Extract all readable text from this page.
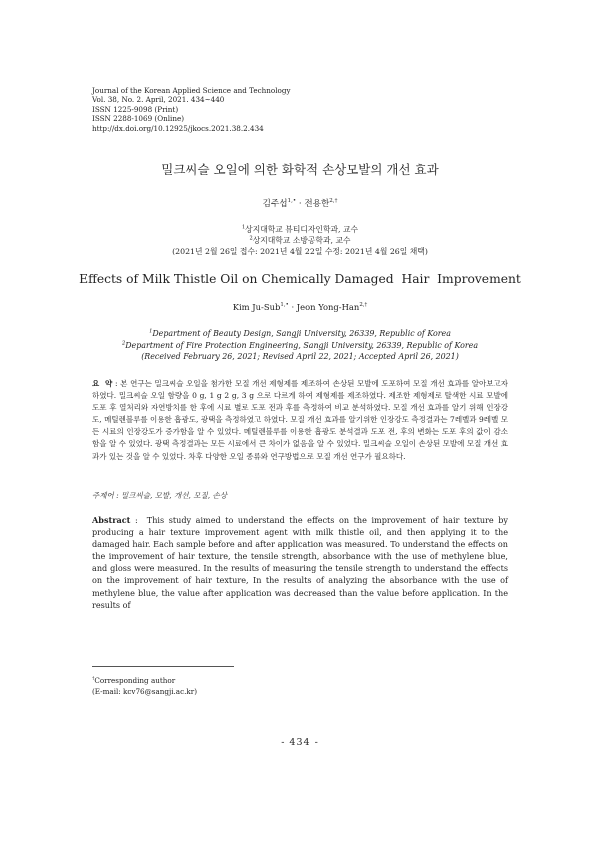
Journal of the Korean Applied Science and Technology
Vol. 38, No. 2. April, 2021. 434~440
ISSN 1225-9098 (Print)
ISSN 2288-1069 (Online)
http://dx.doi.org/10.12925/jkocs.2021.38.2.434
밀크씨슬 오일에 의한 화학적 손상모발의 개선 효과
김주섭$^{1,•}$ · 전용한$^{2,\dagger}$
$^1$상지대학교 뷰티디자인학과, 교수
$^2$상지대학교 소방공학과, 교수
(2021년 2월 26일 접수: 2021년 4월 22일 수정: 2021년 4월 26일 채택)
Effects of Milk Thistle Oil on Chemically Damaged  Hair  Improvement
Kim Ju-Sub$^{1,•}$ · Jeon Yong-Han$^{2,\dagger}$
$^1$Department of Beauty Design, Sangji University, 26339, Republic of Korea
$^2$Department of Fire Protection Engineering, Sangji University, 26339, Republic of Korea
(Received February 26, 2021; Revised April 22, 2021; Accepted April 26, 2021)
요  약 : 본 연구는 밀크씨슬 오일을 첨가한 모질 개선 제형제를 제조하여 손상된 모발에 도포하여 모질 개선 효과를 알아보고자 하였다. 밀크씨슬 오일 함량을 0 g, 1 g 2 g, 3 g 으로 다르게 하여 제형제를 제조하였다. 제조한 제형제로 탈색한 시료 모발에 도포 후 열처리와 자연방치를 한 후에 시료 별로 도포 전과 후를 측정하여 비교 분석하였다. 모질 개선 효과를 알기 위해 인장강도, 메틸렌블루를 이용한 흡광도, 광택을 측정하였고 하였다. 모질 개선 효과를 알기위한 인장강도 측정결과는 7레벨과 9레벨 모든 시료의 인장강도가 증가함을 알 수 있었다. 메틸렌블루를 이용한 흡광도 분석결과 도포 전, 후의 변화는 도포 후의 값이 감소함을 알 수 있었다. 광택 측정결과는 모든 시료에서 큰 차이가 없음을 알 수 있었다. 밀크씨슬 오일이 손상된 모발에 모질 개선 효과가 있는 것을 알 수 있었다. 차후 다양한 오일 종류와 연구방법으로 모질 개선 연구가 필요하다.
주제어 : 밀크씨슬, 모발, 개선, 모질, 손상
Abstract :  This study aimed to understand the effects on the improvement of hair texture by producing a hair texture improvement agent with milk thistle oil, and then applying it to the damaged hair. Each sample before and after application was measured. To understand the effects on the improvement of hair texture, the tensile strength, absorbance with the use of methylene blue, and gloss were measured. In the results of measuring the tensile strength to understand the effects on the improvement of hair texture, In the results of analyzing the absorbance with the use of methylene blue, the value after application was decreased than the value before application. In the results of
†Corresponding author
(E-mail: kcv76@sangji.ac.kr)
- 434 -
